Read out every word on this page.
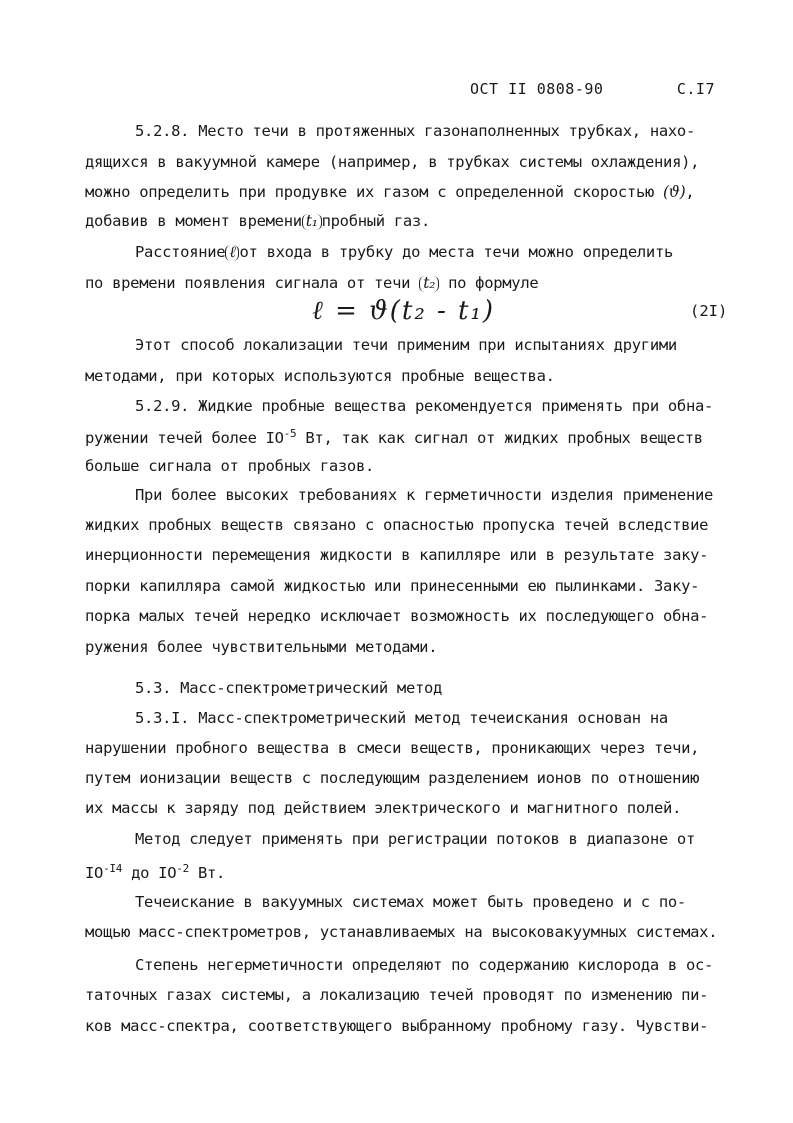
ОСТ II 0808-90	С.I7
5.2.8. Место течи в протяженных газонаполненных трубках, нахо-
дящихся в вакуумной камере (например, в трубках системы охлаждения),
можно определить при продувке их газом с определенной скоростью (ϑ),
добавив в момент времени t₁ пробный газ.
Расстояние ℓ от входа в трубку до места течи можно определить
по времени появления сигнала от течи t₂ по формуле
Этот способ локализации течи применим при испытаниях другими
методами, при которых используются пробные вещества.
5.2.9. Жидкие пробные вещества рекомендуется применять при обна-
ружении течей более $IO^{-5}$ Вт, так как сигнал от жидких пробных веществ
больше сигнала от пробных газов.
При более высоких требованиях к герметичности изделия применение
жидких пробных веществ связано с опасностью пропуска течей вследствие
инерционности перемещения жидкости в капилляре или в результате заку-
порки капилляра самой жидкостью или принесенными ею пылинками. Заку-
порка малых течей нередко исключает возможность их последующего обна-
ружения более чувствительными методами.
5.3. Масс-спектрометрический метод
5.3.I. Масс-спектрометрический метод течеискания основан на
нарушении пробного вещества в смеси веществ, проникающих через течи,
путем ионизации веществ с последующим разделением ионов по отношению
их массы к заряду под действием электрического и магнитного полей.
Метод следует применять при регистрации потоков в диапазоне от
$IO^{-I4}$ до $IO^{-2}$ Вт.
Течеискание в вакуумных системах может быть проведено и с по-
мощью масс-спектрометров, устанавливаемых на высоковакуумных системах.
Степень негерметичности определяют по содержанию кислорода в ос-
таточных газах системы, а локализацию течей проводят по изменению пи-
ков масс-спектра, соответствующего выбранному пробному газу. Чувстви-
ℓ = ϑ(t₂ - t₁)	(2I)
